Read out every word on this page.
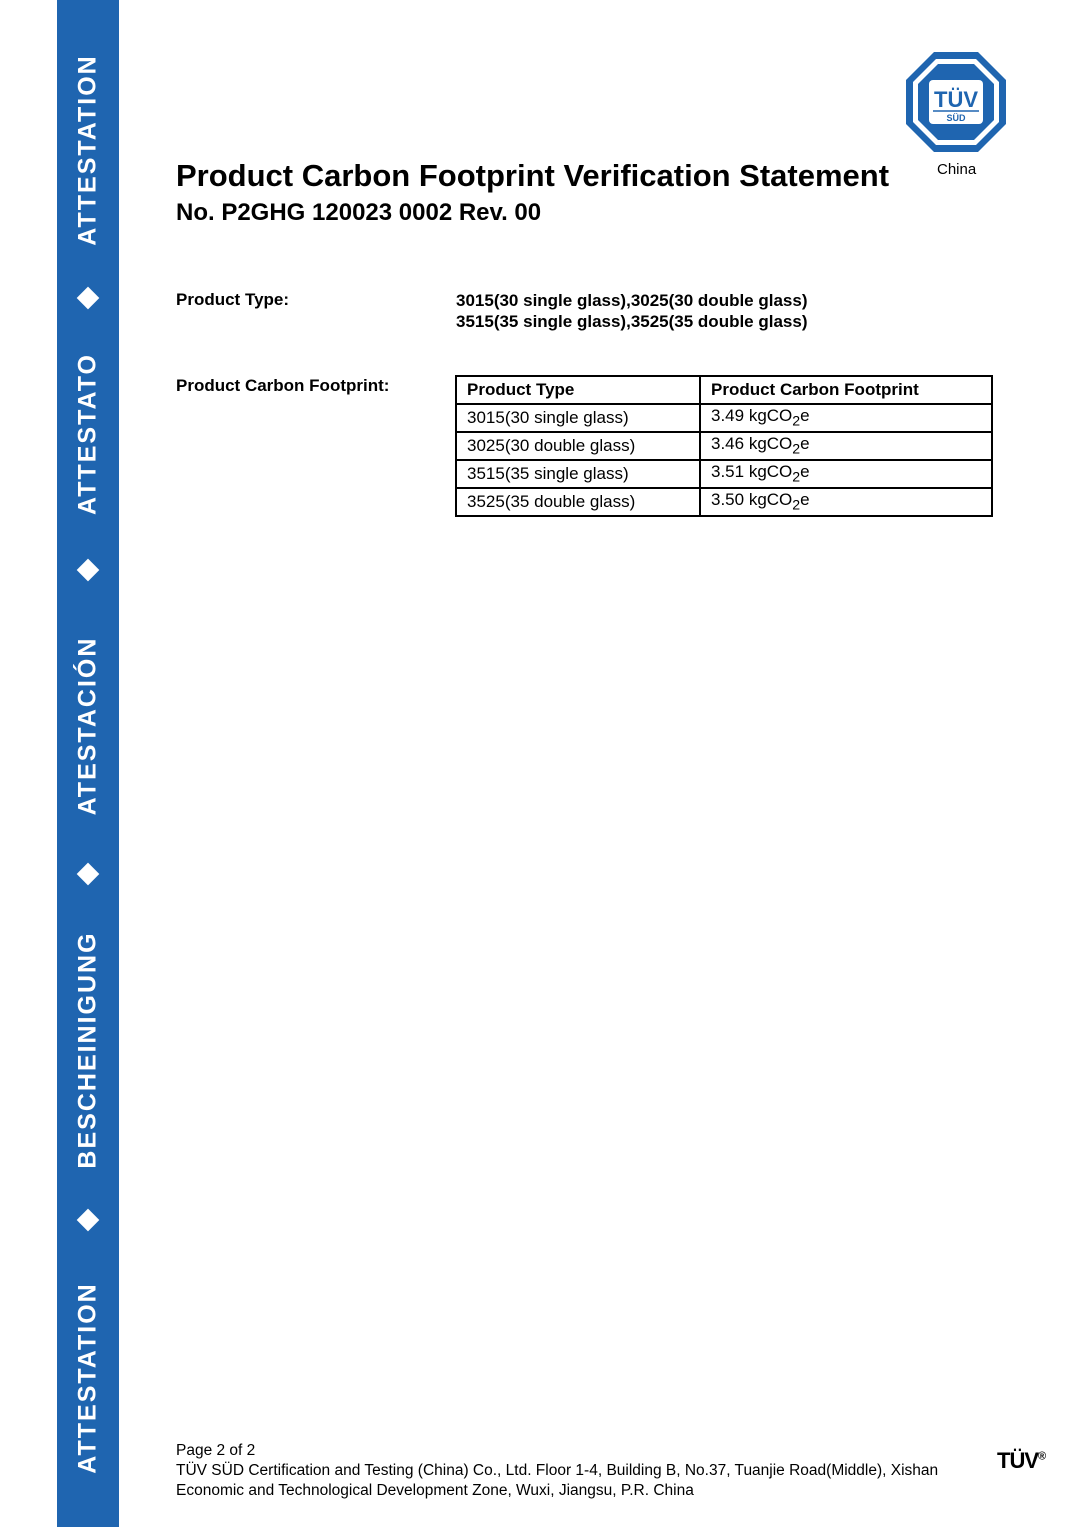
ATTESTATION
ATTESTATO
ATESTACIÓN
BESCHEINIGUNG
ATTESTATION
TÜV
SÜD
China
Product Carbon Footprint Verification Statement
No. P2GHG 120023 0002 Rev. 00
Product Type:	3015(30 single glass),3025(30 double glass)
3515(35 single glass),3525(35 double glass)
Product Carbon Footprint:	Product Type	Product Carbon Footprint
3015(30 single glass)	3.49 kgCO$_2$e
3025(30 double glass)	3.46 kgCO$_2$e
3515(35 single glass)	3.51 kgCO$_2$e
3525(35 double glass)	3.50 kgCO$_2$e
Page 2 of 2
TÜV SÜD Certification and Testing (China) Co., Ltd. Floor 1-4, Building B, No.37, Tuanjie Road(Middle), Xishan
Economic and Technological Development Zone, Wuxi, Jiangsu, P.R. China
TÜV®
